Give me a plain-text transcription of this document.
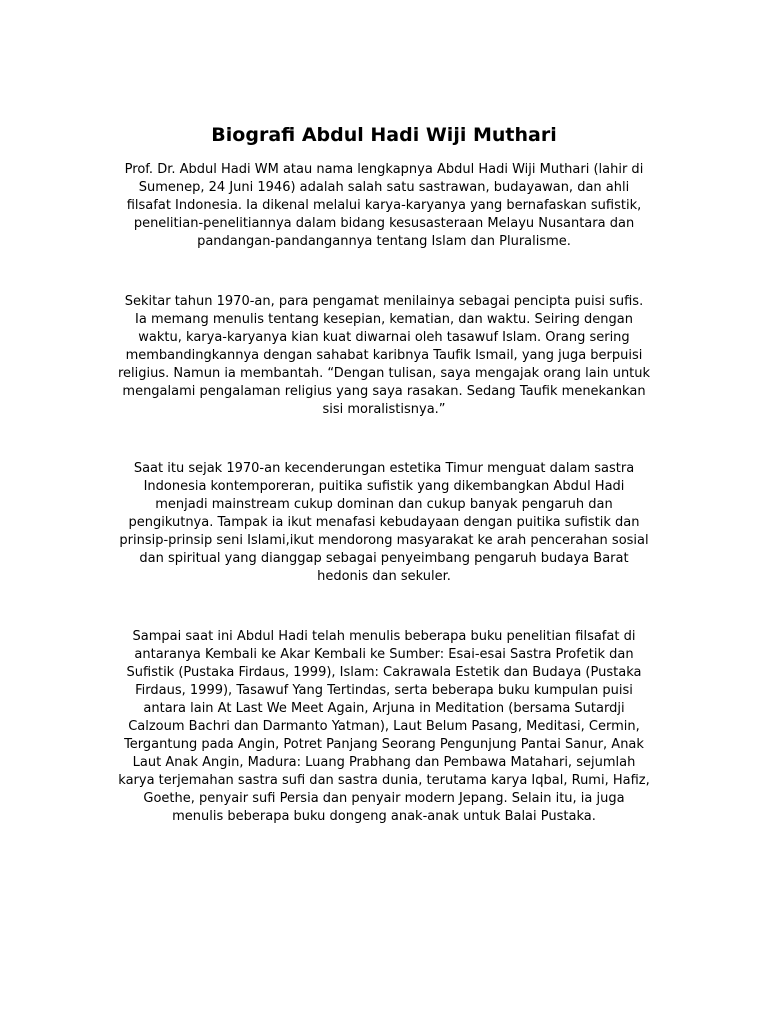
Biografi Abdul Hadi Wiji Muthari

Prof. Dr. Abdul Hadi WM atau nama lengkapnya Abdul Hadi Wiji Muthari (lahir di
Sumenep, 24 Juni 1946) adalah salah satu sastrawan, budayawan, dan ahli
filsafat Indonesia. Ia dikenal melalui karya-karyanya yang bernafaskan sufistik,
penelitian-penelitiannya dalam bidang kesusasteraan Melayu Nusantara dan
pandangan-pandangannya tentang Islam dan Pluralisme.

Sekitar tahun 1970-an, para pengamat menilainya sebagai pencipta puisi sufis.
Ia memang menulis tentang kesepian, kematian, dan waktu. Seiring dengan
waktu, karya-karyanya kian kuat diwarnai oleh tasawuf Islam. Orang sering
membandingkannya dengan sahabat karibnya Taufik Ismail, yang juga berpuisi
religius. Namun ia membantah. “Dengan tulisan, saya mengajak orang lain untuk
mengalami pengalaman religius yang saya rasakan. Sedang Taufik menekankan
sisi moralistisnya.”

Saat itu sejak 1970-an kecenderungan estetika Timur menguat dalam sastra
Indonesia kontemporeran, puitika sufistik yang dikembangkan Abdul Hadi
menjadi mainstream cukup dominan dan cukup banyak pengaruh dan
pengikutnya. Tampak ia ikut menafasi kebudayaan dengan puitika sufistik dan
prinsip-prinsip seni Islami,ikut mendorong masyarakat ke arah pencerahan sosial
dan spiritual yang dianggap sebagai penyeimbang pengaruh budaya Barat
hedonis dan sekuler.

Sampai saat ini Abdul Hadi telah menulis beberapa buku penelitian filsafat di
antaranya Kembali ke Akar Kembali ke Sumber: Esai-esai Sastra Profetik dan
Sufistik (Pustaka Firdaus, 1999), Islam: Cakrawala Estetik dan Budaya (Pustaka
Firdaus, 1999), Tasawuf Yang Tertindas, serta beberapa buku kumpulan puisi
antara lain At Last We Meet Again, Arjuna in Meditation (bersama Sutardji
Calzoum Bachri dan Darmanto Yatman), Laut Belum Pasang, Meditasi, Cermin,
Tergantung pada Angin, Potret Panjang Seorang Pengunjung Pantai Sanur, Anak
Laut Anak Angin, Madura: Luang Prabhang dan Pembawa Matahari, sejumlah
karya terjemahan sastra sufi dan sastra dunia, terutama karya Iqbal, Rumi, Hafiz,
Goethe, penyair sufi Persia dan penyair modern Jepang. Selain itu, ia juga
menulis beberapa buku dongeng anak-anak untuk Balai Pustaka.
